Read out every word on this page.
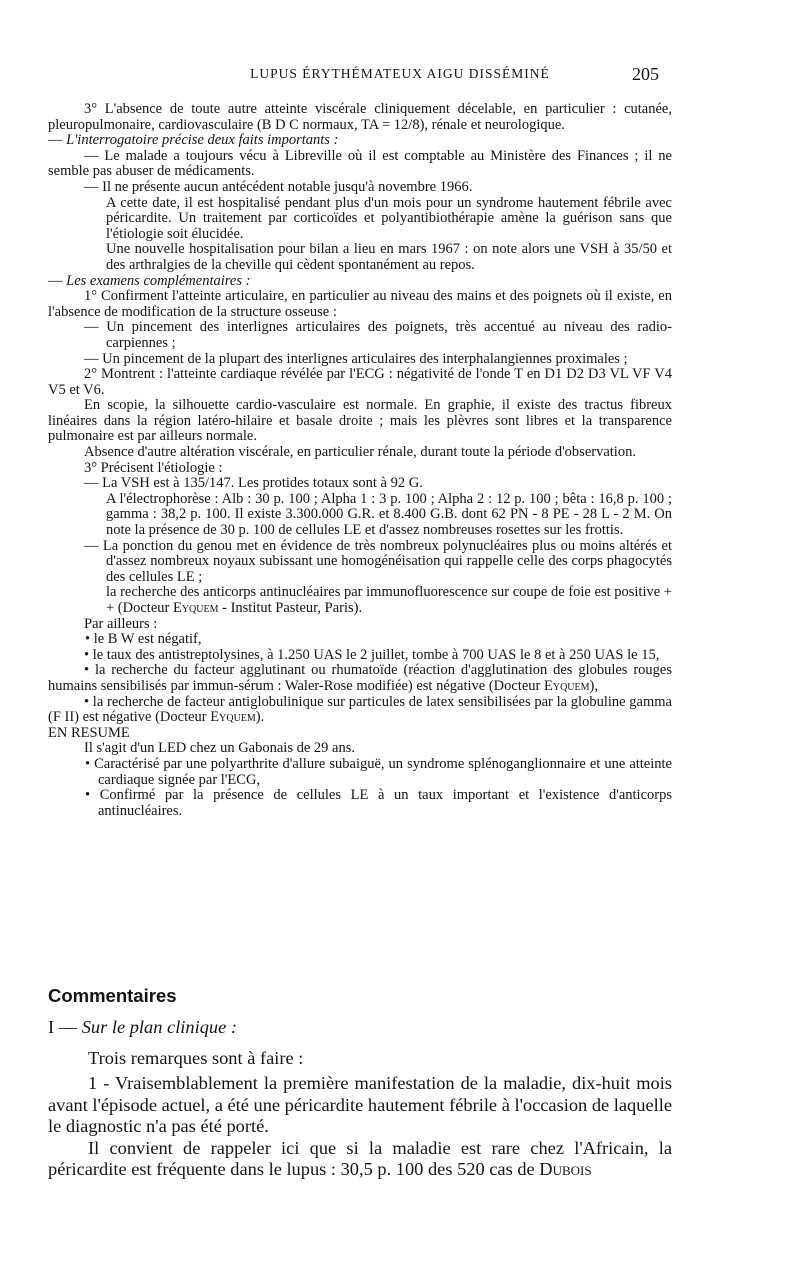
LUPUS ÉRYTHÉMATEUX AIGU DISSÉMINÉ	205

3° L'absence de toute autre atteinte viscérale cliniquement décelable, en particulier : cutanée, pleuropulmonaire, cardiovasculaire (B D C normaux, TA = 12/8), rénale et neurologique.

— L'interrogatoire précise deux faits importants :

— Le malade a toujours vécu à Libreville où il est comptable au Ministère des Finances ; il ne semble pas abuser de médicaments.

— Il ne présente aucun antécédent notable jusqu'à novembre 1966.

A cette date, il est hospitalisé pendant plus d'un mois pour un syndrome hautement fébrile avec péricardite. Un traitement par corticoïdes et polyantibiothérapie amène la guérison sans que l'étiologie soit élucidée.

Une nouvelle hospitalisation pour bilan a lieu en mars 1967 : on note alors une VSH à 35/50 et des arthralgies de la cheville qui cèdent spontanément au repos.

— Les examens complémentaires :

1° Confirment l'atteinte articulaire, en particulier au niveau des mains et des poignets où il existe, en l'absence de modification de la structure osseuse :

— Un pincement des interlignes articulaires des poignets, très accentué au niveau des radio-carpiennes ;

— Un pincement de la plupart des interlignes articulaires des interphalangiennes proximales ;

2° Montrent : l'atteinte cardiaque révélée par l'ECG : négativité de l'onde T en D1 D2 D3 VL VF V4 V5 et V6.

En scopie, la silhouette cardio-vasculaire est normale. En graphie, il existe des tractus fibreux linéaires dans la région latéro-hilaire et basale droite ; mais les plèvres sont libres et la transparence pulmonaire est par ailleurs normale.

Absence d'autre altération viscérale, en particulier rénale, durant toute la période d'observation.

3° Précisent l'étiologie :

— La VSH est à 135/147. Les protides totaux sont à 92 G.

A l'électrophorèse : Alb : 30 p. 100 ; Alpha 1 : 3 p. 100 ; Alpha 2 : 12 p. 100 ; bêta : 16,8 p. 100 ; gamma : 38,2 p. 100. Il existe 3.300.000 G.R. et 8.400 G.B. dont 62 PN - 8 PE - 28 L - 2 M. On note la présence de 30 p. 100 de cellules LE et d'assez nombreuses rosettes sur les frottis.

— La ponction du genou met en évidence de très nombreux polynucléaires plus ou moins altérés et d'assez nombreux noyaux subissant une homogénéisation qui rappelle celle des corps phagocytés des cellules LE ;

la recherche des anticorps antinucléaires par immunofluorescence sur coupe de foie est positive + + (Docteur Eyquem - Institut Pasteur, Paris).

Par ailleurs :

• le B W est négatif,

• le taux des antistreptolysines, à 1.250 UAS le 2 juillet, tombe à 700 UAS le 8 et à 250 UAS le 15,

• la recherche du facteur agglutinant ou rhumatoïde (réaction d'agglutination des globules rouges humains sensibilisés par immun-sérum : Waler-Rose modifiée) est négative (Docteur Eyquem),

• la recherche de facteur antiglobulinique sur particules de latex sensibilisées par la globuline gamma (F II) est négative (Docteur Eyquem).

EN RESUME

Il s'agit d'un LED chez un Gabonais de 29 ans.

• Caractérisé par une polyarthrite d'allure subaiguë, un syndrome splénoganglionnaire et une atteinte cardiaque signée par l'ECG,

• Confirmé par la présence de cellules LE à un taux important et l'existence d'anticorps antinucléaires.

Commentaires

I — Sur le plan clinique :

Trois remarques sont à faire :

1 - Vraisemblablement la première manifestation de la maladie, dix-huit mois avant l'épisode actuel, a été une péricardite hautement fébrile à l'occasion de laquelle le diagnostic n'a pas été porté.

Il convient de rappeler ici que si la maladie est rare chez l'Africain, la péricardite est fréquente dans le lupus : 30,5 p. 100 des 520 cas de Dubois
